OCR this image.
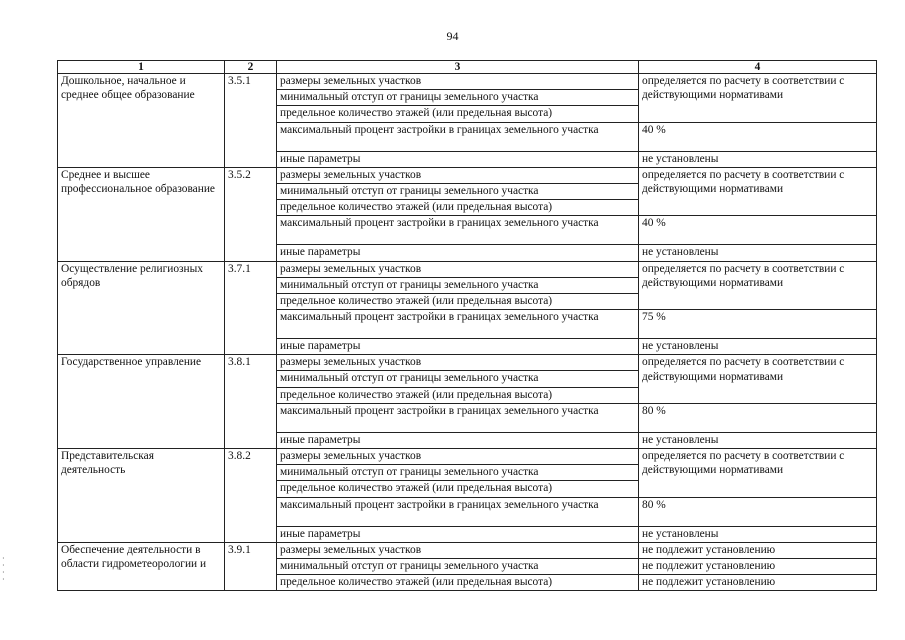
94
1	2	3	4
Дошкольное, начальное и среднее общее образование	3.5.1	размеры земельных участков	определяется по расчету в соответствии с действующими нормативами
		минимальный отступ от границы земельного участка	
		предельное количество этажей (или предельная высота)	
		максимальный процент застройки в границах земельного участка	40 %
		иные параметры	не установлены
Среднее и высшее профессиональное образование	3.5.2	размеры земельных участков	определяется по расчету в соответствии с действующими нормативами
		минимальный отступ от границы земельного участка	
		предельное количество этажей (или предельная высота)	
		максимальный процент застройки в границах земельного участка	40 %
		иные параметры	не установлены
Осуществление религиозных обрядов	3.7.1	размеры земельных участков	определяется по расчету в соответствии с действующими нормативами
		минимальный отступ от границы земельного участка	
		предельное количество этажей (или предельная высота)	
		максимальный процент застройки в границах земельного участка	75 %
		иные параметры	не установлены
Государственное управление	3.8.1	размеры земельных участков	определяется по расчету в соответствии с действующими нормативами
		минимальный отступ от границы земельного участка	
		предельное количество этажей (или предельная высота)	
		максимальный процент застройки в границах земельного участка	80 %
		иные параметры	не установлены
Представительская деятельность	3.8.2	размеры земельных участков	определяется по расчету в соответствии с действующими нормативами
		минимальный отступ от границы земельного участка	
		предельное количество этажей (или предельная высота)	
		максимальный процент застройки в границах земельного участка	80 %
		иные параметры	не установлены
Обеспечение деятельности в области гидрометеорологии и	3.9.1	размеры земельных участков	не подлежит установлению
		минимальный отступ от границы земельного участка	не подлежит установлению
		предельное количество этажей (или предельная высота)	не подлежит установлению
·
·
·
·
